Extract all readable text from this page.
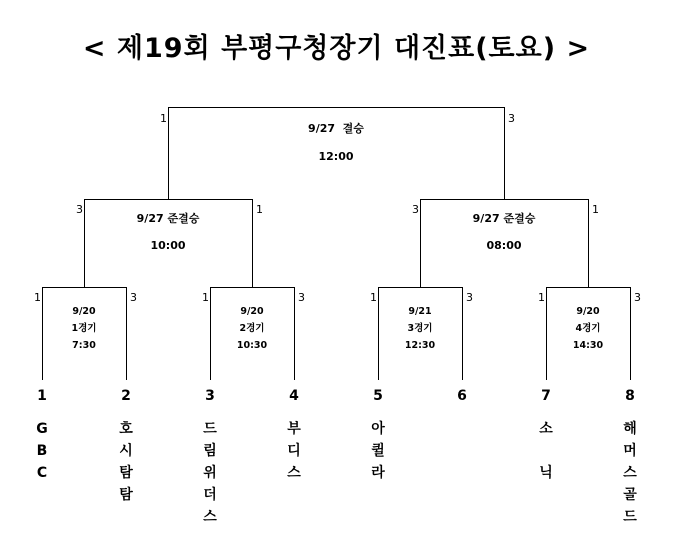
< 제19회 부평구청장기 대진표(토요) >
1	3
9/27  결승
12:00
3	1
9/27 준결승
10:00
3	1
9/27 준결승
08:00
1	3
9/20
1경기
7:30
1	3
9/20
2경기
10:30
1	3
9/21
3경기
12:30
1	3
9/20
4경기
14:30
1	2	3	4	5	6	7	8
G
B
C
호
시
탐
탐
드
림
위
더
스
부
디
스
아
퀼
라
소

닉
해
머
스
골
드
